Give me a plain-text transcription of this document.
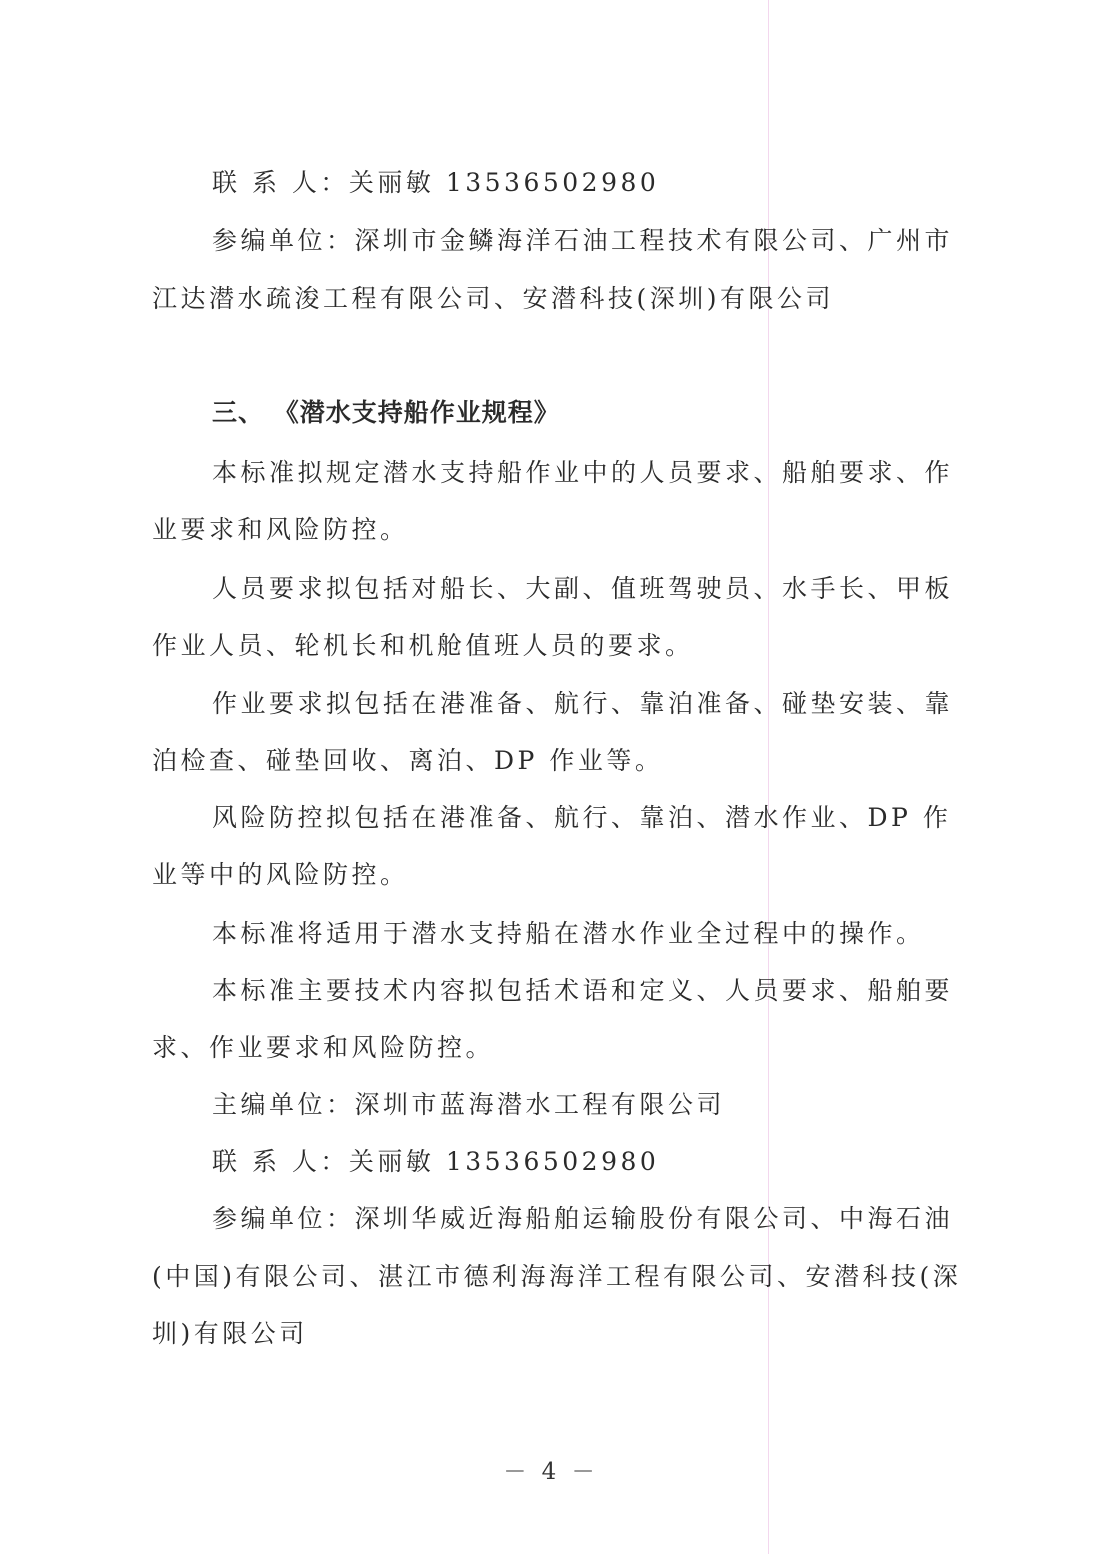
联 系 人：关丽敏 13536502980
参编单位：深圳市金鳞海洋石油工程技术有限公司、广州市
江达潜水疏浚工程有限公司、安潜科技(深圳)有限公司
三、 《潜水支持船作业规程》
本标准拟规定潜水支持船作业中的人员要求、船舶要求、作
业要求和风险防控。
人员要求拟包括对船长、大副、值班驾驶员、水手长、甲板
作业人员、轮机长和机舱值班人员的要求。
作业要求拟包括在港准备、航行、靠泊准备、碰垫安装、靠
泊检查、碰垫回收、离泊、DP 作业等。
风险防控拟包括在港准备、航行、靠泊、潜水作业、DP 作
业等中的风险防控。
本标准将适用于潜水支持船在潜水作业全过程中的操作。
本标准主要技术内容拟包括术语和定义、人员要求、船舶要
求、作业要求和风险防控。
主编单位：深圳市蓝海潜水工程有限公司
联 系 人：关丽敏 13536502980
参编单位：深圳华威近海船舶运输股份有限公司、中海石油
(中国)有限公司、湛江市德利海海洋工程有限公司、安潜科技(深
圳)有限公司
－ 4 －
